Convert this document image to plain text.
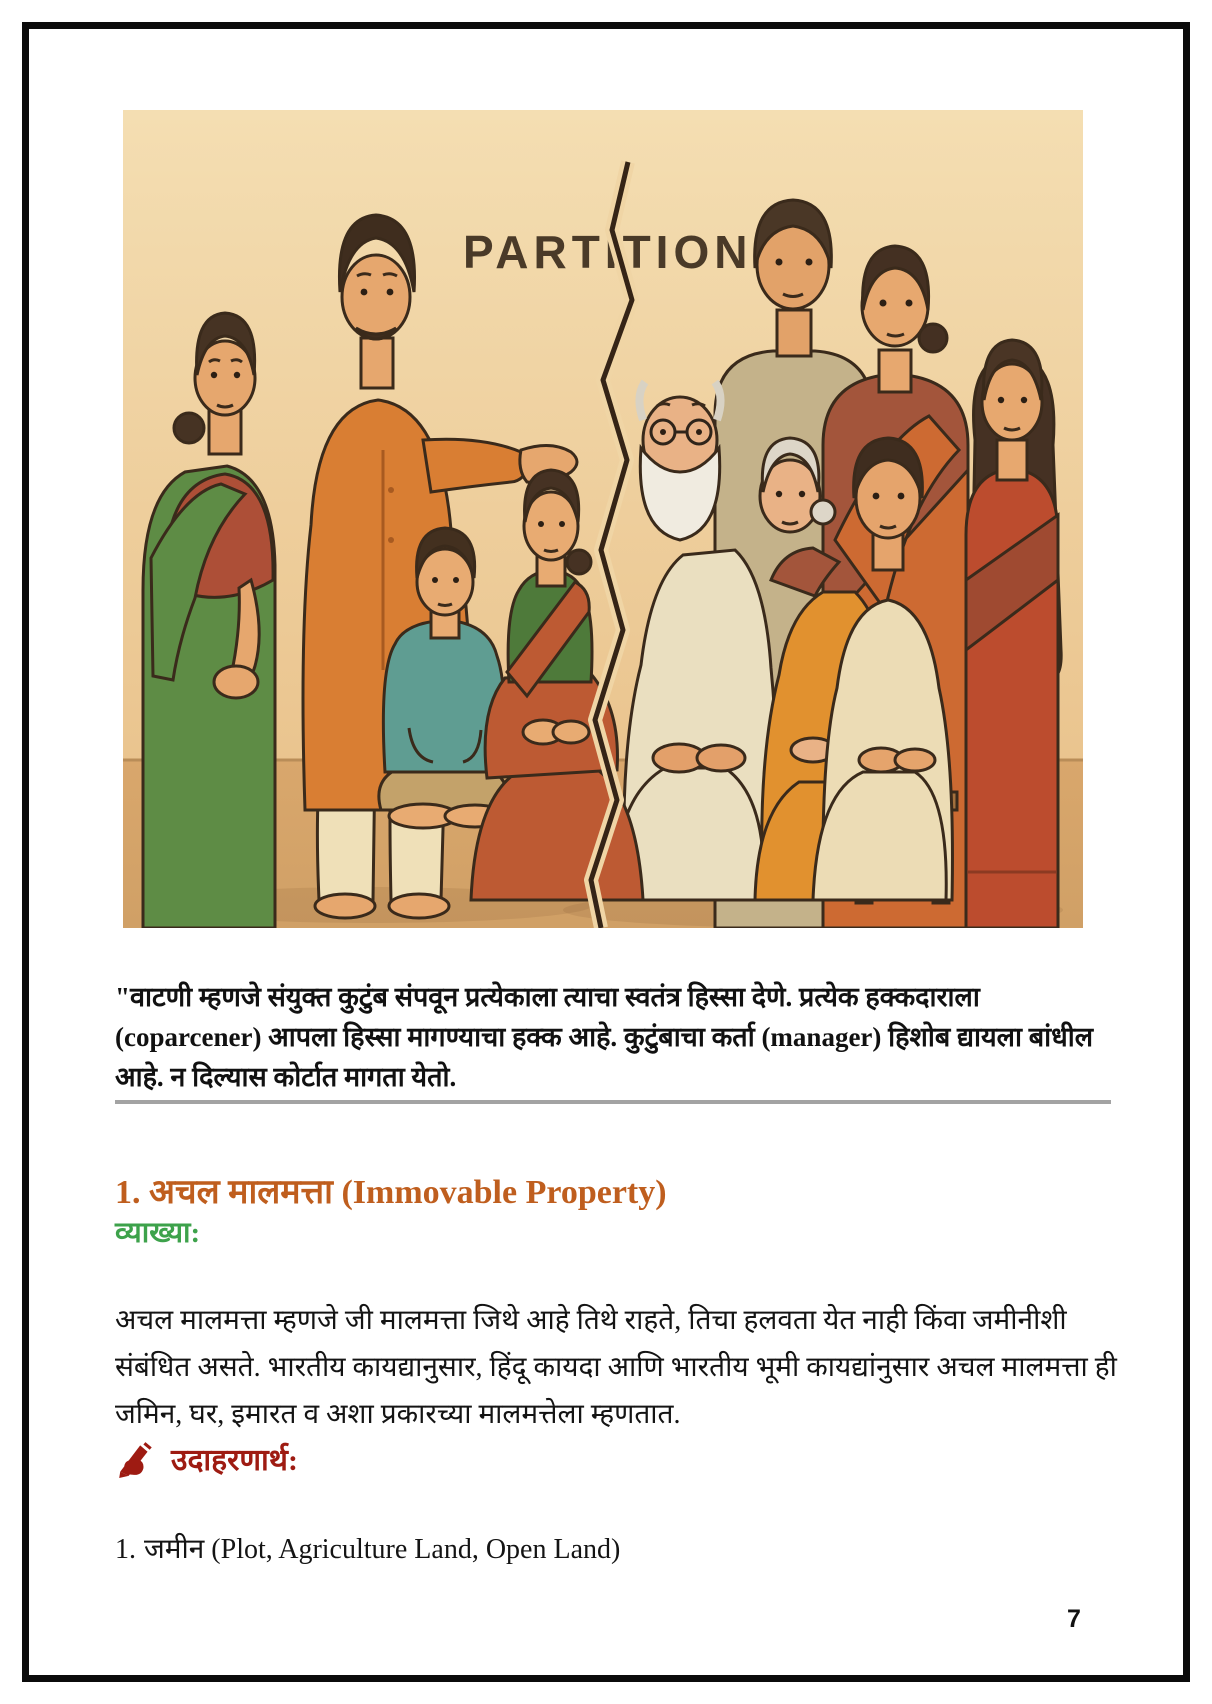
PARTITION

"वाटणी म्हणजे संयुक्त कुटुंब संपवून प्रत्येकाला त्याचा स्वतंत्र हिस्सा देणे. प्रत्येक हक्कदाराला (coparcener) आपला हिस्सा मागण्याचा हक्क आहे. कुटुंबाचा कर्ता (manager) हिशोब द्यायला बांधील आहे. न दिल्यास कोर्टात मागता येतो.

1. अचल मालमत्ता (Immovable Property)
व्याख्या:

अचल मालमत्ता म्हणजे जी मालमत्ता जिथे आहे तिथे राहते, तिचा हलवता येत नाही किंवा जमीनीशी संबंधित असते. भारतीय कायद्यानुसार, हिंदू कायदा आणि भारतीय भूमी कायद्यांनुसार अचल मालमत्ता ही जमिन, घर, इमारत व अशा प्रकारच्या मालमत्तेला म्हणतात.

उदाहरणार्थ:
1. जमीन (Plot, Agriculture Land, Open Land)
7
